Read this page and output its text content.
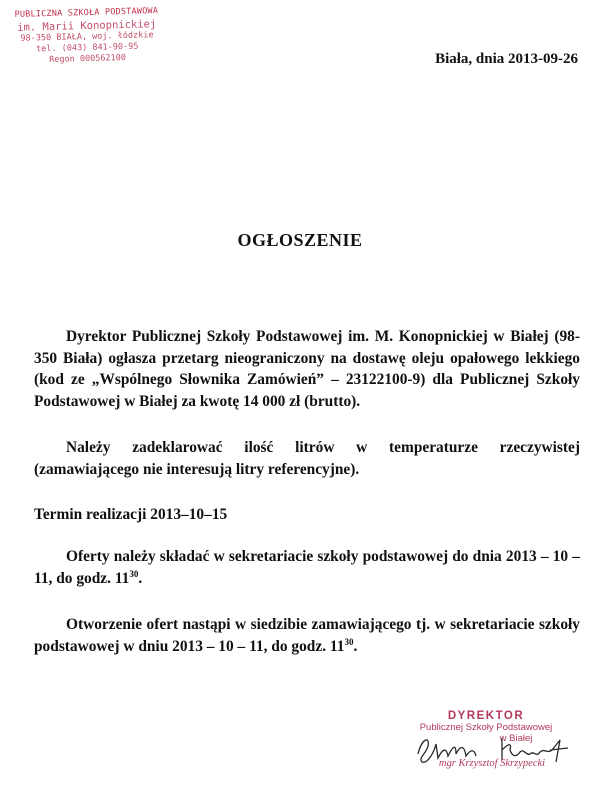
PUBLICZNA SZKOŁA PODSTAWOWA
im. Marii Konopnickiej
98-350 BIAŁA, woj. łódzkie
tel. (043) 841-90-95
Regon 000562100	Biała, dnia 2013-09-26
OGŁOSZENIE
Dyrektor Publicznej Szkoły Podstawowej im. M. Konopnickiej w Białej (98-350 Biała) ogłasza przetarg nieograniczony na dostawę oleju opałowego lekkiego (kod ze „Wspólnego Słownika Zamówień” – 23122100-9) dla Publicznej Szkoły Podstawowej w Białej za kwotę 14 000 zł (brutto).
Należy zadeklarować ilość litrów w temperaturze rzeczywistej (zamawiającego nie interesują litry referencyjne).
Termin realizacji 2013–10–15
Oferty należy składać w sekretariacie szkoły podstawowej do dnia 2013 – 10 – 11, do godz. $11^{30}$.
Otworzenie ofert nastąpi w siedzibie zamawiającego tj. w sekretariacie szkoły podstawowej w dniu 2013 – 10 – 11, do godz. $11^{30}$.
DYREKTOR
Publicznej Szkoły Podstawowej
w Białej
mgr Krzysztof Skrzypecki
